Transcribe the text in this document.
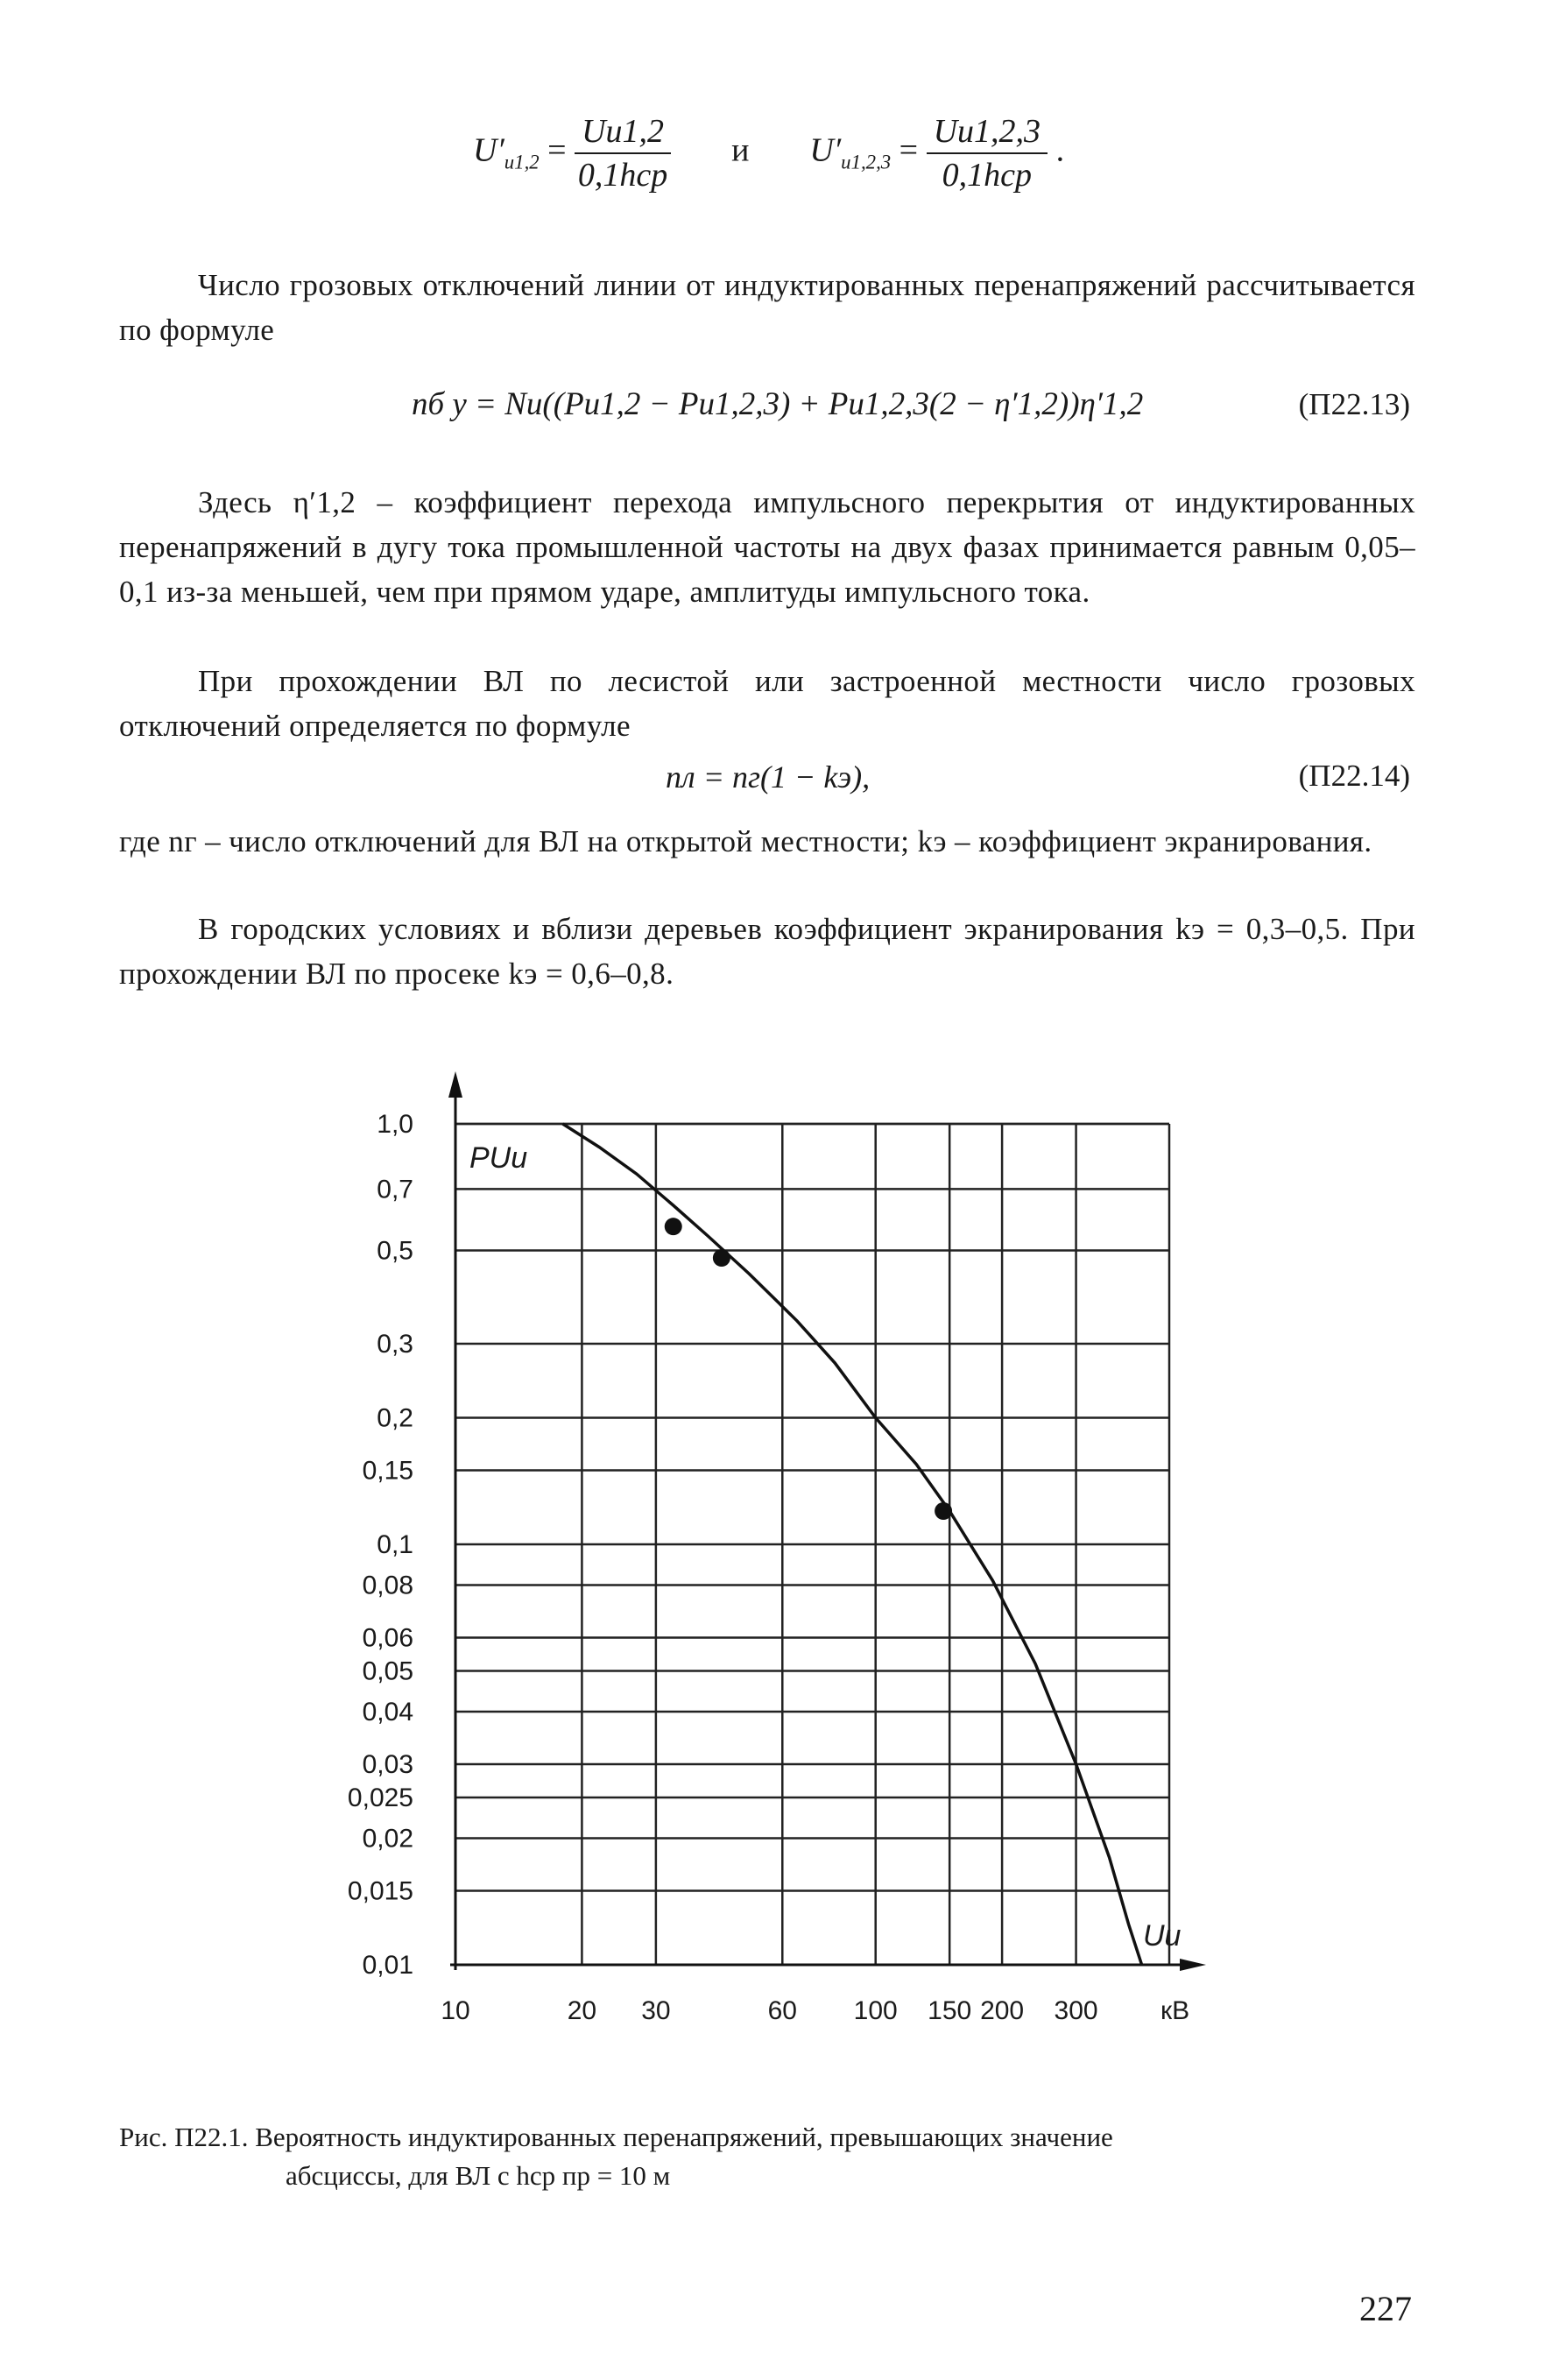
$U'_{и1,2} = \frac{Uи1,2}{\text{0,1hср}}$ и $U'_{и1,2,3} = \frac{Uи1,2,3}{\text{0,1hср}}$ .
Число грозовых отключений линии от индуктированных перенапряжений рассчитывается по формуле
nб у = Nи((Pи1,2 − Pи1,2,3) + Pи1,2,3(2 − η′1,2))η′1,2	(П22.13)
Здесь η′1,2 – коэффициент перехода импульсного перекрытия от индуктированных перенапряжений в дугу тока промышленной частоты на двух фазах принимается равным 0,05–0,1 из-за меньшей, чем при прямом ударе, амплитуды импульсного тока.
При прохождении ВЛ по лесистой или застроенной местности число грозовых отключений определяется по формуле
nл = nг(1 − kэ),	(П22.14)
где nг – число отключений для ВЛ на открытой местности; kэ – коэффициент экранирования.
В городских условиях и вблизи деревьев коэффициент экранирования kэ = 0,3–0,5. При прохождении ВЛ по просеке kэ = 0,6–0,8.
1,0
0,7
0,5
0,3
0,2
0,15
0,1
0,08
0,06
0,05
0,04
0,03
0,025
0,02
0,015
0,01
10	20 30	60 100 150 200 300
PUи
Uи
кВ
Рис. П22.1. Вероятность индуктированных перенапряжений, превышающих значение
абсциссы, для ВЛ с hср пр = 10 м
227
